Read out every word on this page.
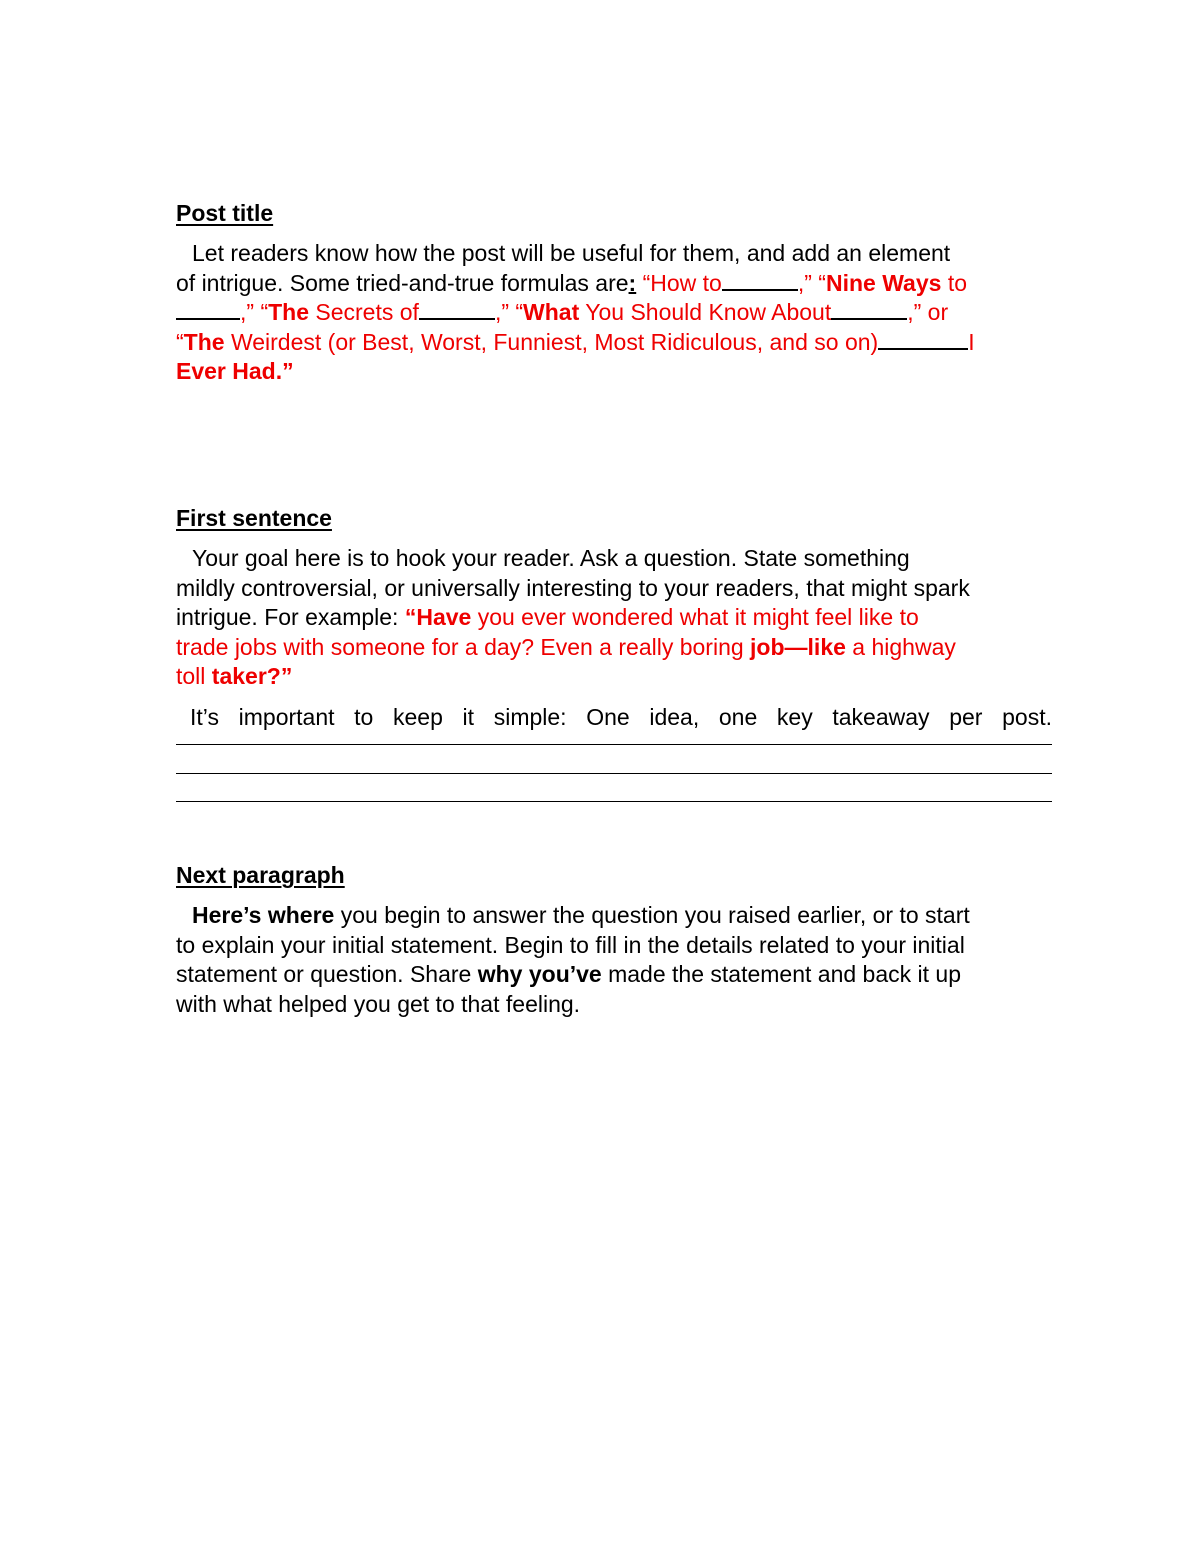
Post title

Let readers know how the post will be useful for them, and add an element
of intrigue. Some tried-and-true formulas are: “How to	,” “Nine Ways to
,” “The Secrets of	,” “What You Should Know About	,” or
“The Weirdest (or Best, Worst, Funniest, Most Ridiculous, and so on)	I
Ever Had.”

First sentence

Your goal here is to hook your reader. Ask a question. State something
mildly controversial, or universally interesting to your readers, that might spark
intrigue. For example: “Have you ever wondered what it might feel like to
trade jobs with someone for a day? Even a really boring job—like a highway
toll taker?”
It’s important to keep it simple: One idea, one key takeaway per post.

Next paragraph

Here’s where you begin to answer the question you raised earlier, or to start
to explain your initial statement. Begin to fill in the details related to your initial
statement or question. Share why you’ve made the statement and back it up
with what helped you get to that feeling.
